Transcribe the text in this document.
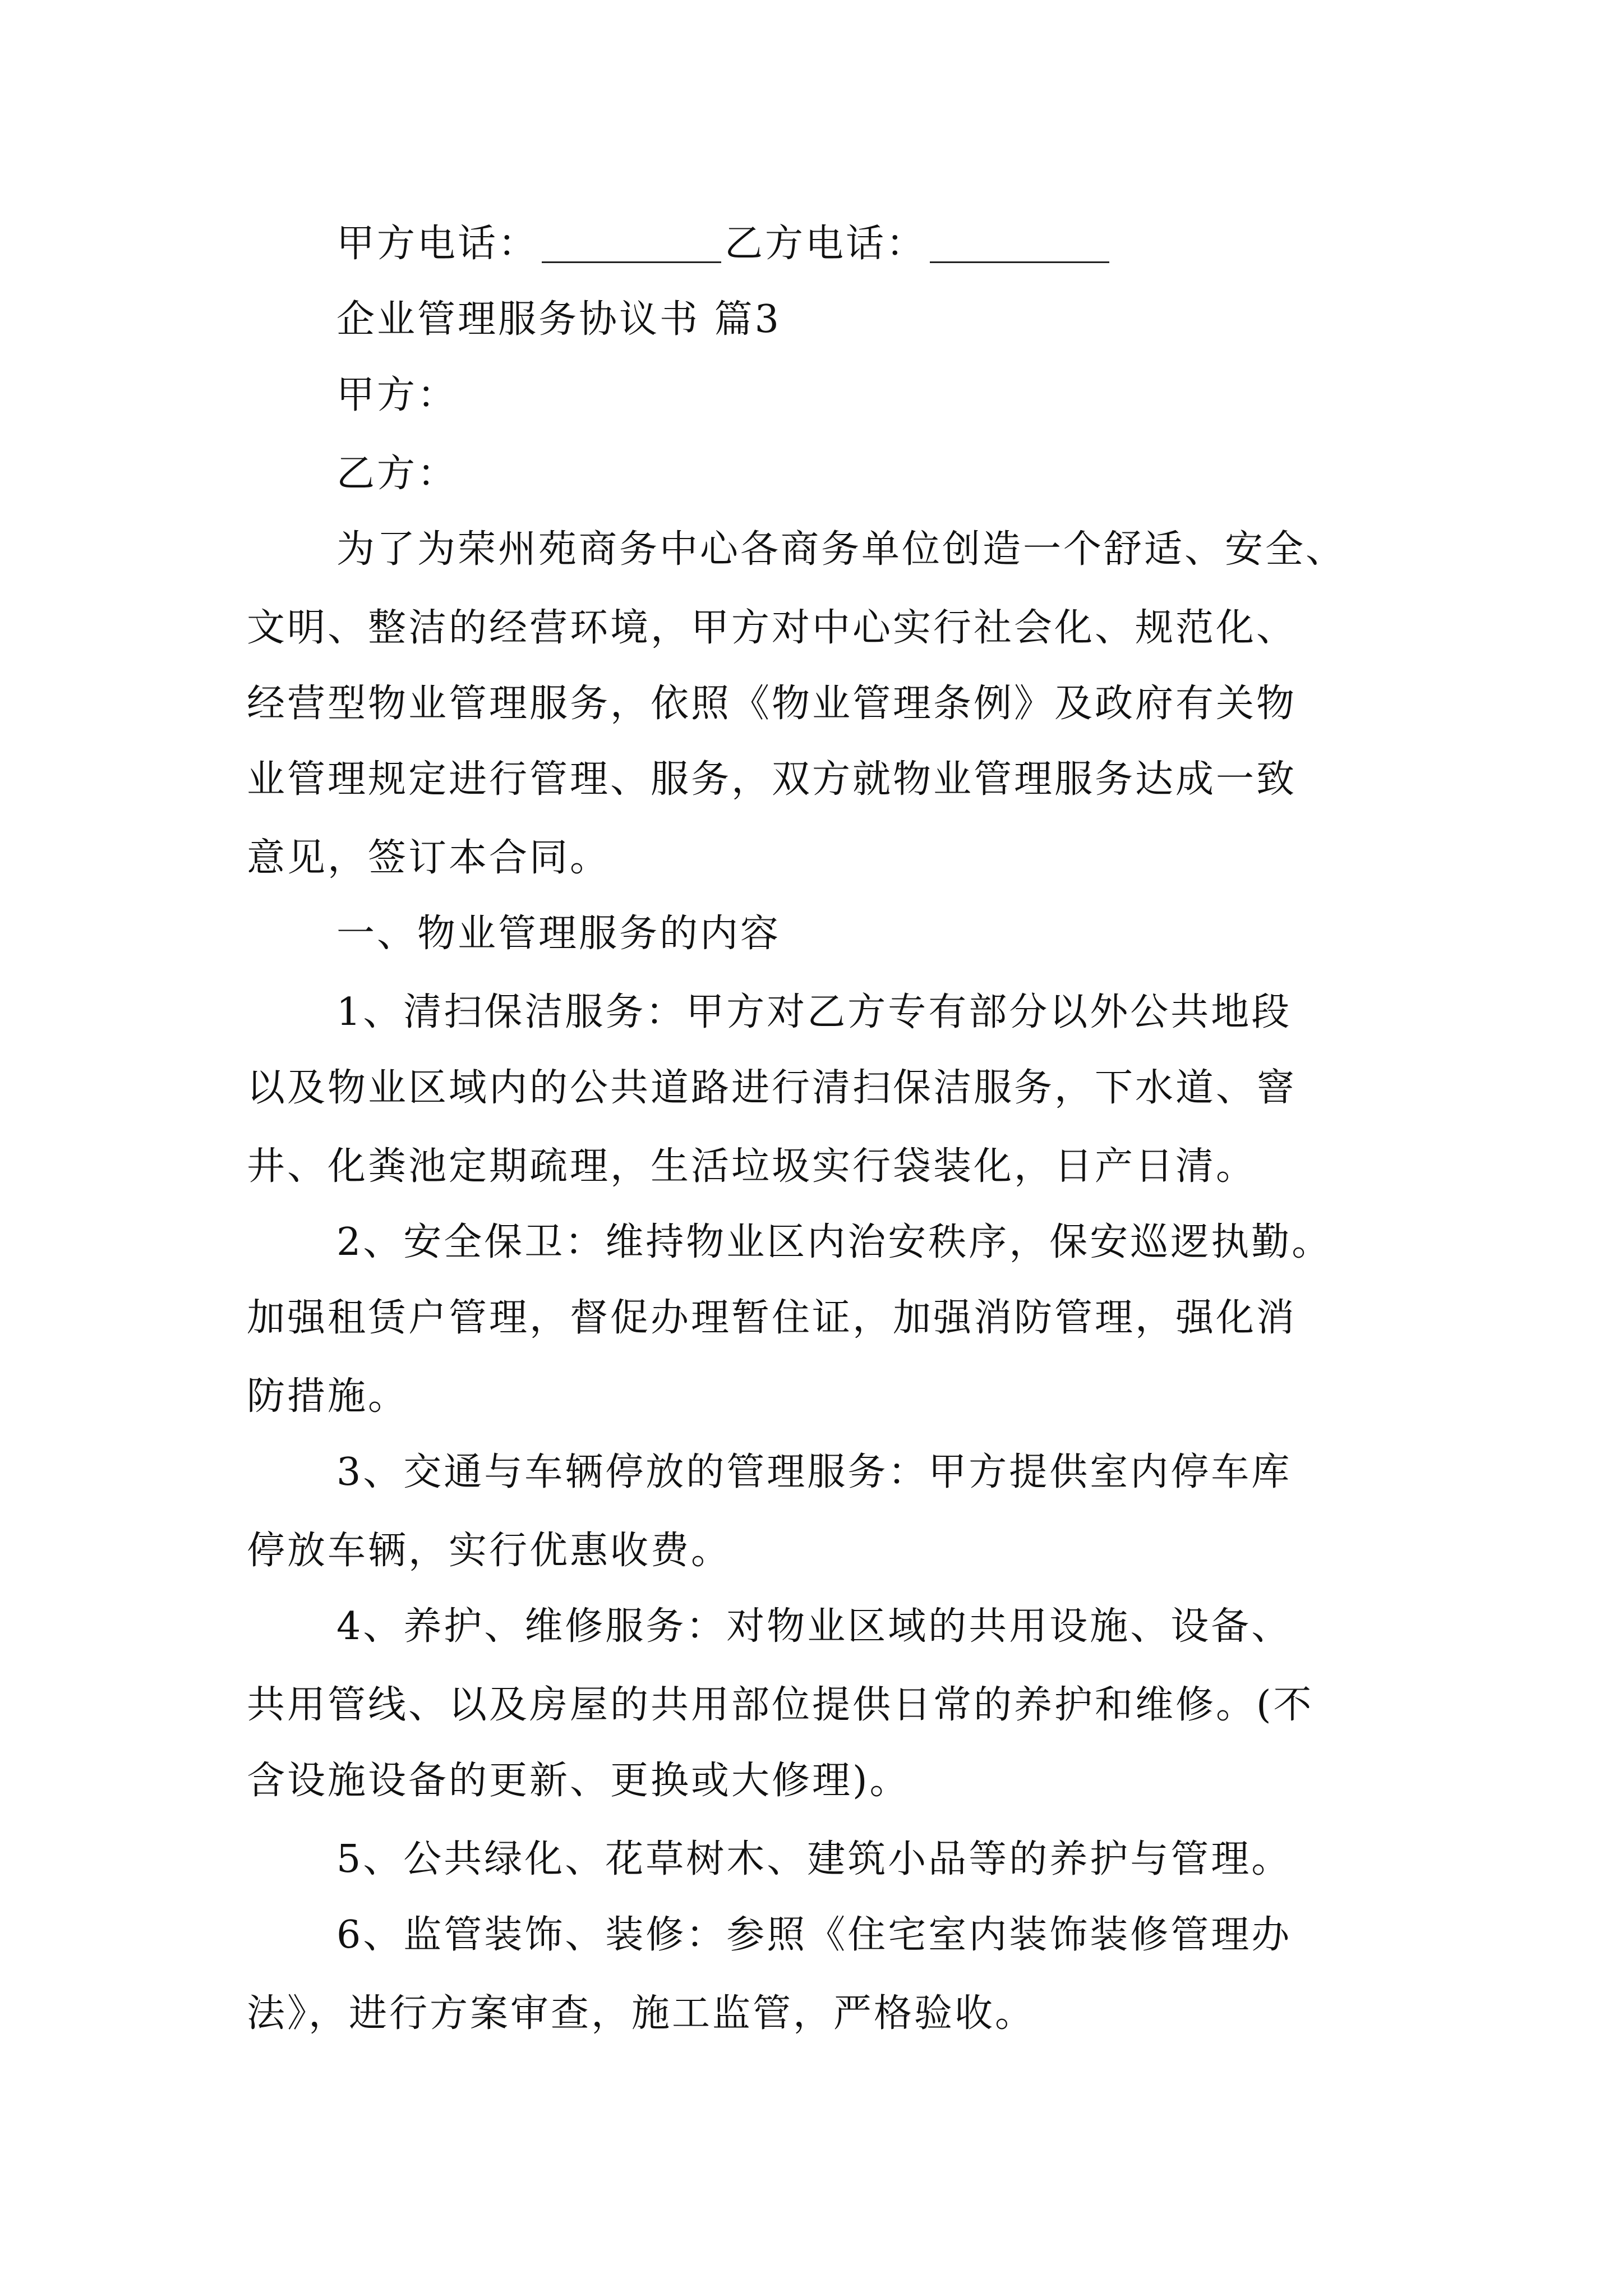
甲方电话：	乙方电话：
企业管理服务协议书 篇3
甲方：
乙方：
为了为荣州苑商务中心各商务单位创造一个舒适、安全、
文明、整洁的经营环境，甲方对中心实行社会化、规范化、
经营型物业管理服务，依照《物业管理条例》及政府有关物
业管理规定进行管理、服务，双方就物业管理服务达成一致
意见，签订本合同。
一、物业管理服务的内容
1、清扫保洁服务：甲方对乙方专有部分以外公共地段
以及物业区域内的公共道路进行清扫保洁服务，下水道、窨
井、化粪池定期疏理，生活垃圾实行袋装化，日产日清。
2、安全保卫：维持物业区内治安秩序，保安巡逻执勤。
加强租赁户管理，督促办理暂住证，加强消防管理，强化消
防措施。
3、交通与车辆停放的管理服务：甲方提供室内停车库
停放车辆，实行优惠收费。
4、养护、维修服务：对物业区域的共用设施、设备、
共用管线、以及房屋的共用部位提供日常的养护和维修。(不
含设施设备的更新、更换或大修理)。
5、公共绿化、花草树木、建筑小品等的养护与管理。
6、监管装饰、装修：参照《住宅室内装饰装修管理办
法》，进行方案审查，施工监管，严格验收。
